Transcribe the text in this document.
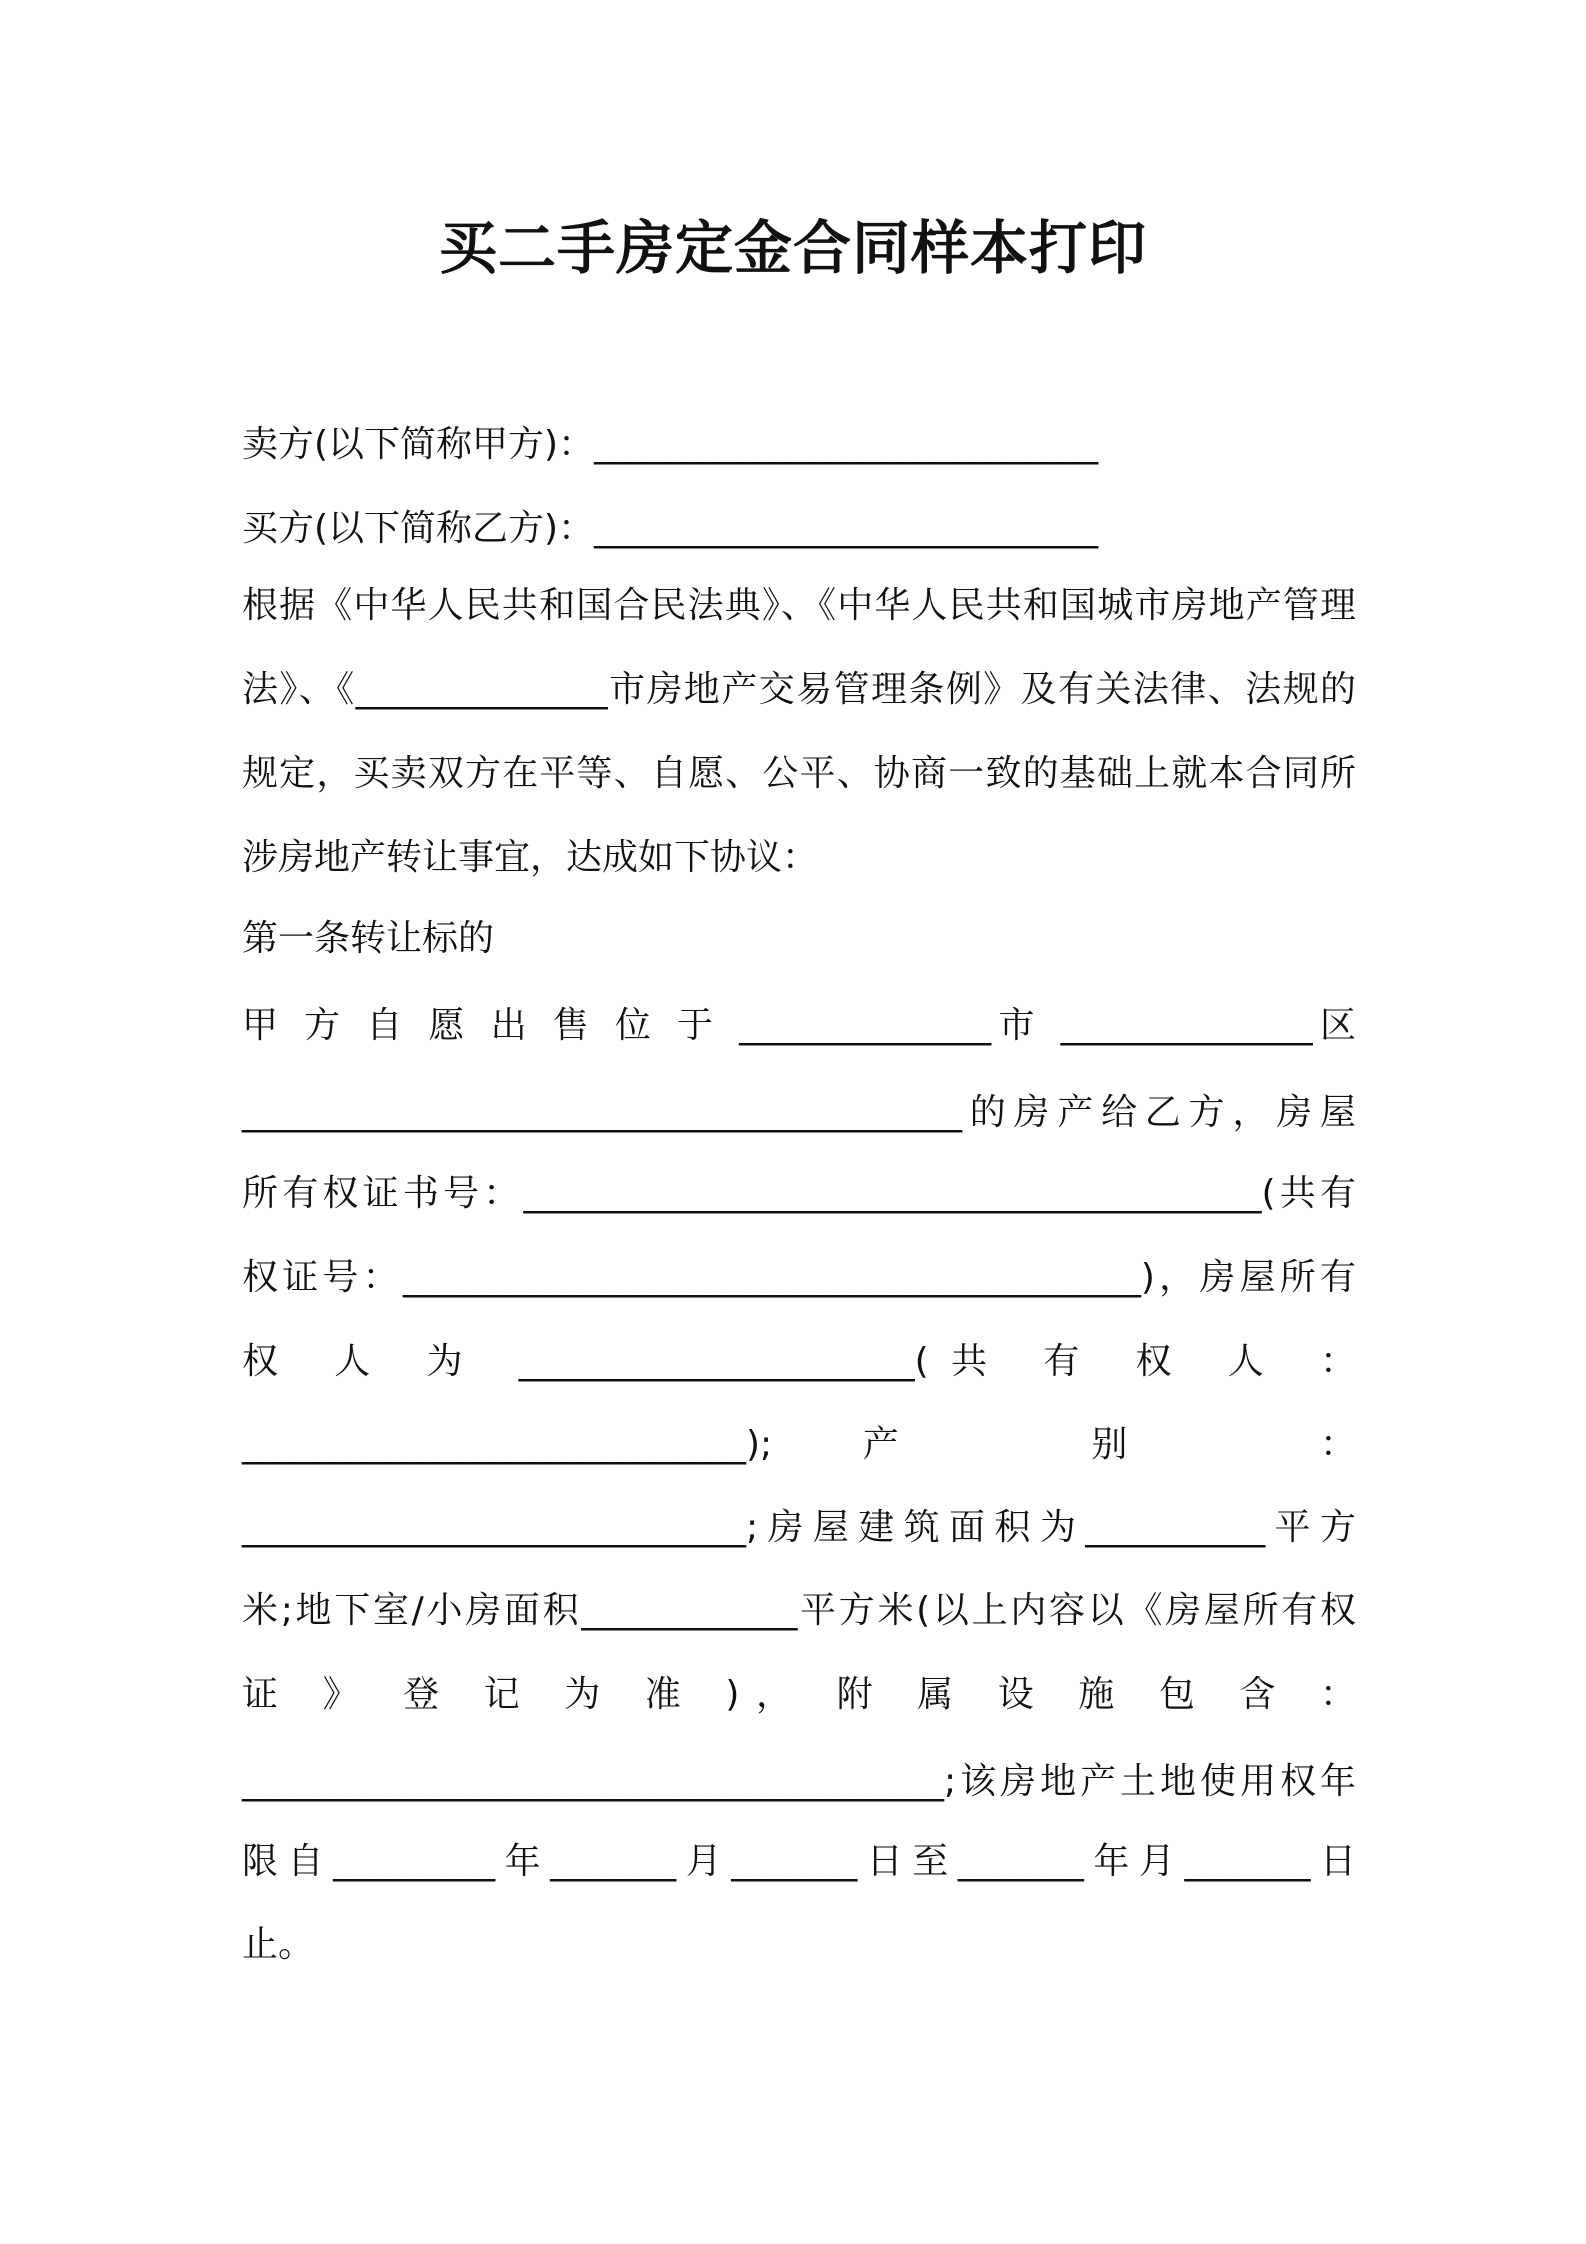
买二手房定金合同样本打印

卖方(以下简称甲方)：____________________________

买方(以下简称乙方)：____________________________

根据《中华人民共和国合民法典》、《中华人民共和国城市房地产管理

法》、《______________市房地产交易管理条例》及有关法律、法规的

规定，买卖双方在平等、自愿、公平、协商一致的基础上就本合同所

涉房地产转让事宜，达成如下协议：

第一条转让标的

甲 方 自 愿 出 售 位 于 ______________市 ______________区

________________________________________的房产给乙方，房屋

所有权证书号：_________________________________________(共有

权证号：_________________________________________)，房屋所有

权 人 为 ______________________(共 有 权 人 ：

____________________________);产 别 ：

____________________________;房屋建筑面积为__________平方

米;地下室/小房面积____________平方米(以上内容以《房屋所有权

证 》 登 记 为 准 )， 附 属 设 施 包 含 ：

_______________________________________;该房地产土地使用权年

限自_________年_______月_______日至_______年月_______日

止。
